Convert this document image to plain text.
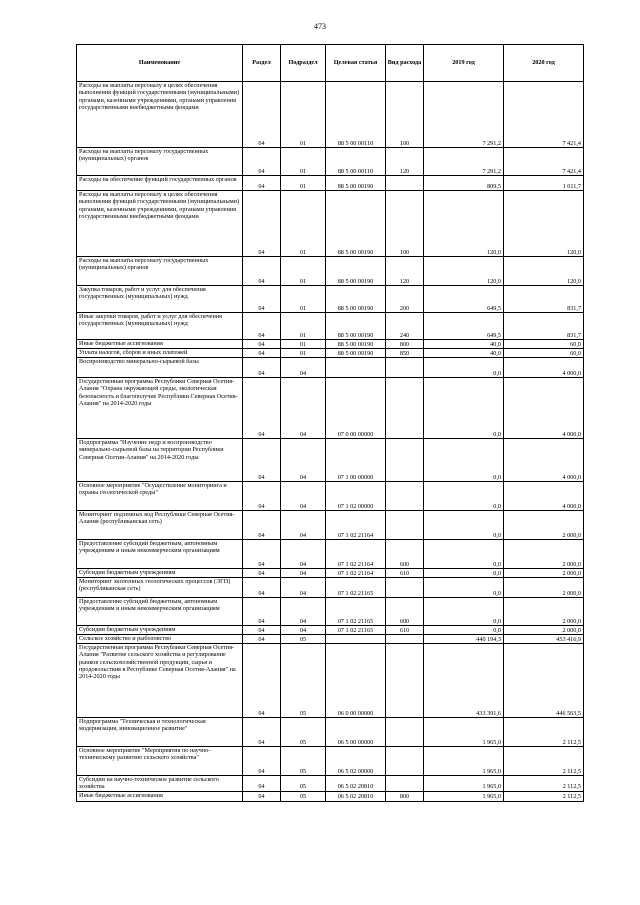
473
Наименование	Раздел	Подраздел	Целевая статья	Вид расхода	2019 год	2020 год
Расходы на выплаты персоналу в целях обеспечения выполнения функций государственными (муниципальными) органами, казенными учреждениями, органами управления государственными внебюджетными фондами	04	01	88 5 00 00110	100	7 291,2	7 421,4
Расходы на выплаты персоналу государственных (муниципальных) органов	04	01	88 5 00 00110	120	7 291,2	7 421,4
Расходы на обеспечение функций государственных органов	04	01	88 5 00 00190		809,5	1 011,7
Расходы на выплаты персоналу в целях обеспечения выполнения функций государственными (муниципальными) органами, казенными учреждениями, органами управления государственными внебюджетными фондами	04	01	88 5 00 00190	100	120,0	120,0
Расходы на выплаты персоналу государственных (муниципальных) органов	04	01	88 5 00 00190	120	120,0	120,0
Закупка товаров, работ и услуг для обеспечения государственных (муниципальных) нужд	04	01	88 5 00 00190	200	649,5	831,7
Иные закупки товаров, работ и услуг для обеспечения государственных (муниципальных) нужд	04	01	88 5 00 00190	240	649,5	831,7
Иные бюджетные ассигнования	04	01	88 5 00 00190	800	40,0	60,0
Уплата налогов, сборов и иных платежей	04	01	88 5 00 00190	850	40,0	60,0
Воспроизводство минерально-сырьевой базы	04	04			0,0	4 000,0
Государственная программа Республики Северная Осетия-Алания "Охрана окружающей среды, экологическая безопасность и благополучие Республики Северная Осетия-Алания" на 2014-2020 годы	04	04	07 0 00 00000		0,0	4 000,0
Подпрограмма "Изучение недр и воспроизводство минерально-сырьевой базы на территории Республики Северная Осетия-Алания" на 2014-2020 годы	04	04	07 1 00 00000		0,0	4 000,0
Основное мероприятие "Осуществление мониторинга и охраны геологической среды"	04	04	07 1 02 00000		0,0	4 000,0
Мониторинг подземных вод Республики Северная Осетия-Алания (республиканская сеть)	04	04	07 1 02 21164		0,0	2 000,0
Предоставление субсидий бюджетным, автономным учреждениям и иным некоммерческим организациям	04	04	07 1 02 21164	600	0,0	2 000,0
Субсидии бюджетным учреждениям	04	04	07 1 02 21164	610	0,0	2 000,0
Мониторинг экзогенных геологических процессов (ЭГП) (республиканская сеть)	04	04	07 1 02 21165		0,0	2 000,0
Предоставление субсидий бюджетным, автономным учреждениям и иным некоммерческим организациям	04	04	07 1 02 21165	600	0,0	2 000,0
Субсидии бюджетным учреждениям	04	04	07 1 02 21165	610	0,0	2 000,0
Сельское хозяйство и рыболовство	04	05			440 194,3	453 416,9
Государственная программа Республики Северная Осетия-Алания "Развитие сельского хозяйства и регулирование рынков сельскохозяйственной продукции, сырья и продовольствия в Республике Северная Осетия-Алания" на 2014-2020 годы	04	05	06 0 00 00000		433 391,6	446 563,5
Подпрограмма "Техническая и технологическая модернизация, инновационное развитие"	04	05	06 5 00 00000		1 965,0	2 112,5
Основное мероприятие "Мероприятия по научно-техническому развитию сельского хозяйства"	04	05	06 5 02 00000		1 965,0	2 112,5
Субсидии на научно-техническое развитие сельского хозяйства	04	05	06 5 02 20810		1 965,0	2 112,5
Иные бюджетные ассигнования	04	05	06 5 02 20810	800	1 965,0	2 112,5
